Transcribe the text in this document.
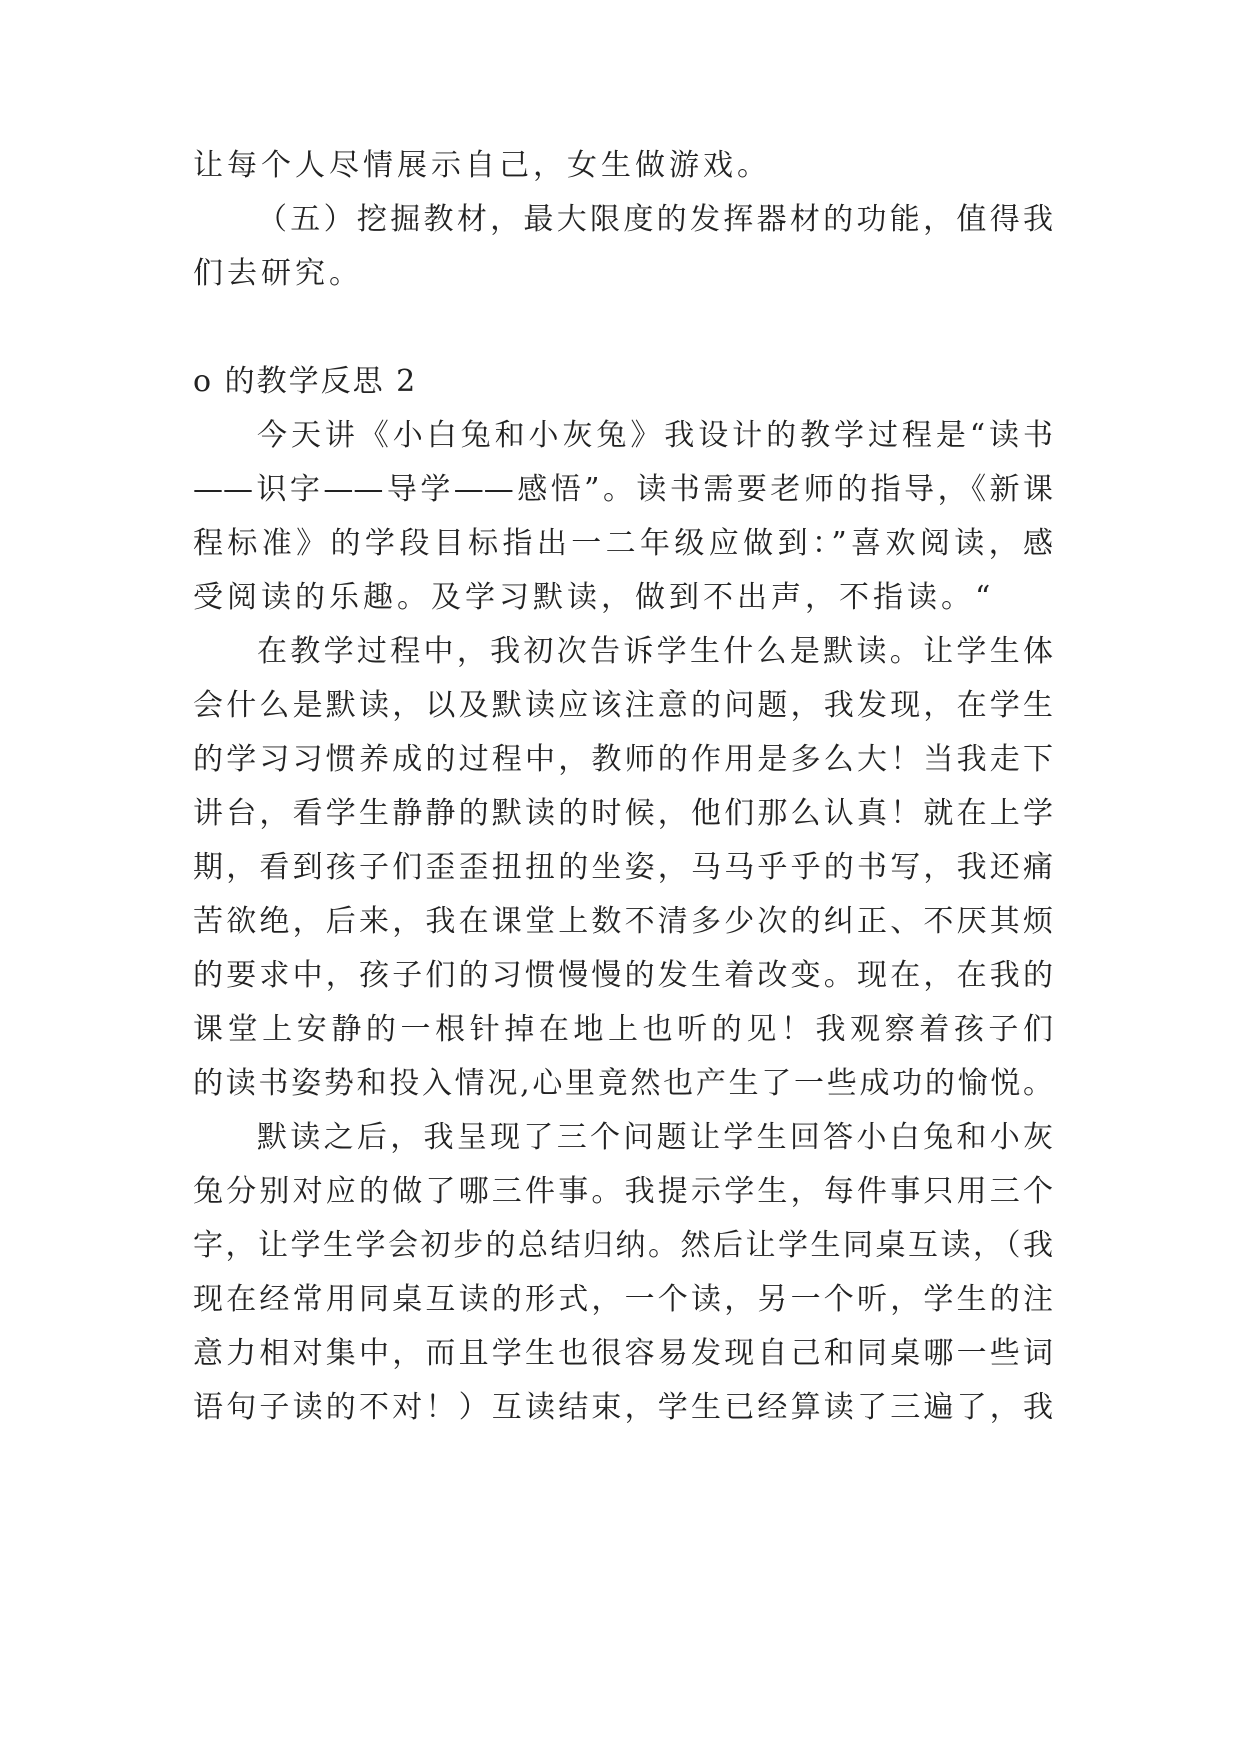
让每个人尽情展示自己，女生做游戏。
（五）挖掘教材，最大限度的发挥器材的功能，值得我
们去研究。
o 的教学反思 2
今天讲《小白兔和小灰兔》我设计的教学过程是“读书
——识字——导学——感悟”。读书需要老师的指导，《新课
程标准》的学段目标指出一二年级应做到：”喜欢阅读，感
受阅读的乐趣。及学习默读，做到不出声，不指读。“
在教学过程中，我初次告诉学生什么是默读。让学生体
会什么是默读，以及默读应该注意的问题，我发现，在学生
的学习习惯养成的过程中，教师的作用是多么大！当我走下
讲台，看学生静静的默读的时候，他们那么认真！就在上学
期，看到孩子们歪歪扭扭的坐姿，马马乎乎的书写，我还痛
苦欲绝，后来，我在课堂上数不清多少次的纠正、不厌其烦
的要求中，孩子们的习惯慢慢的发生着改变。现在，在我的
课堂上安静的一根针掉在地上也听的见！我观察着孩子们
的读书姿势和投入情况,心里竟然也产生了一些成功的愉悦。
默读之后，我呈现了三个问题让学生回答小白兔和小灰
兔分别对应的做了哪三件事。我提示学生，每件事只用三个
字，让学生学会初步的总结归纳。然后让学生同桌互读，（我
现在经常用同桌互读的形式，一个读，另一个听，学生的注
意力相对集中，而且学生也很容易发现自己和同桌哪一些词
语句子读的不对！）互读结束，学生已经算读了三遍了，我
